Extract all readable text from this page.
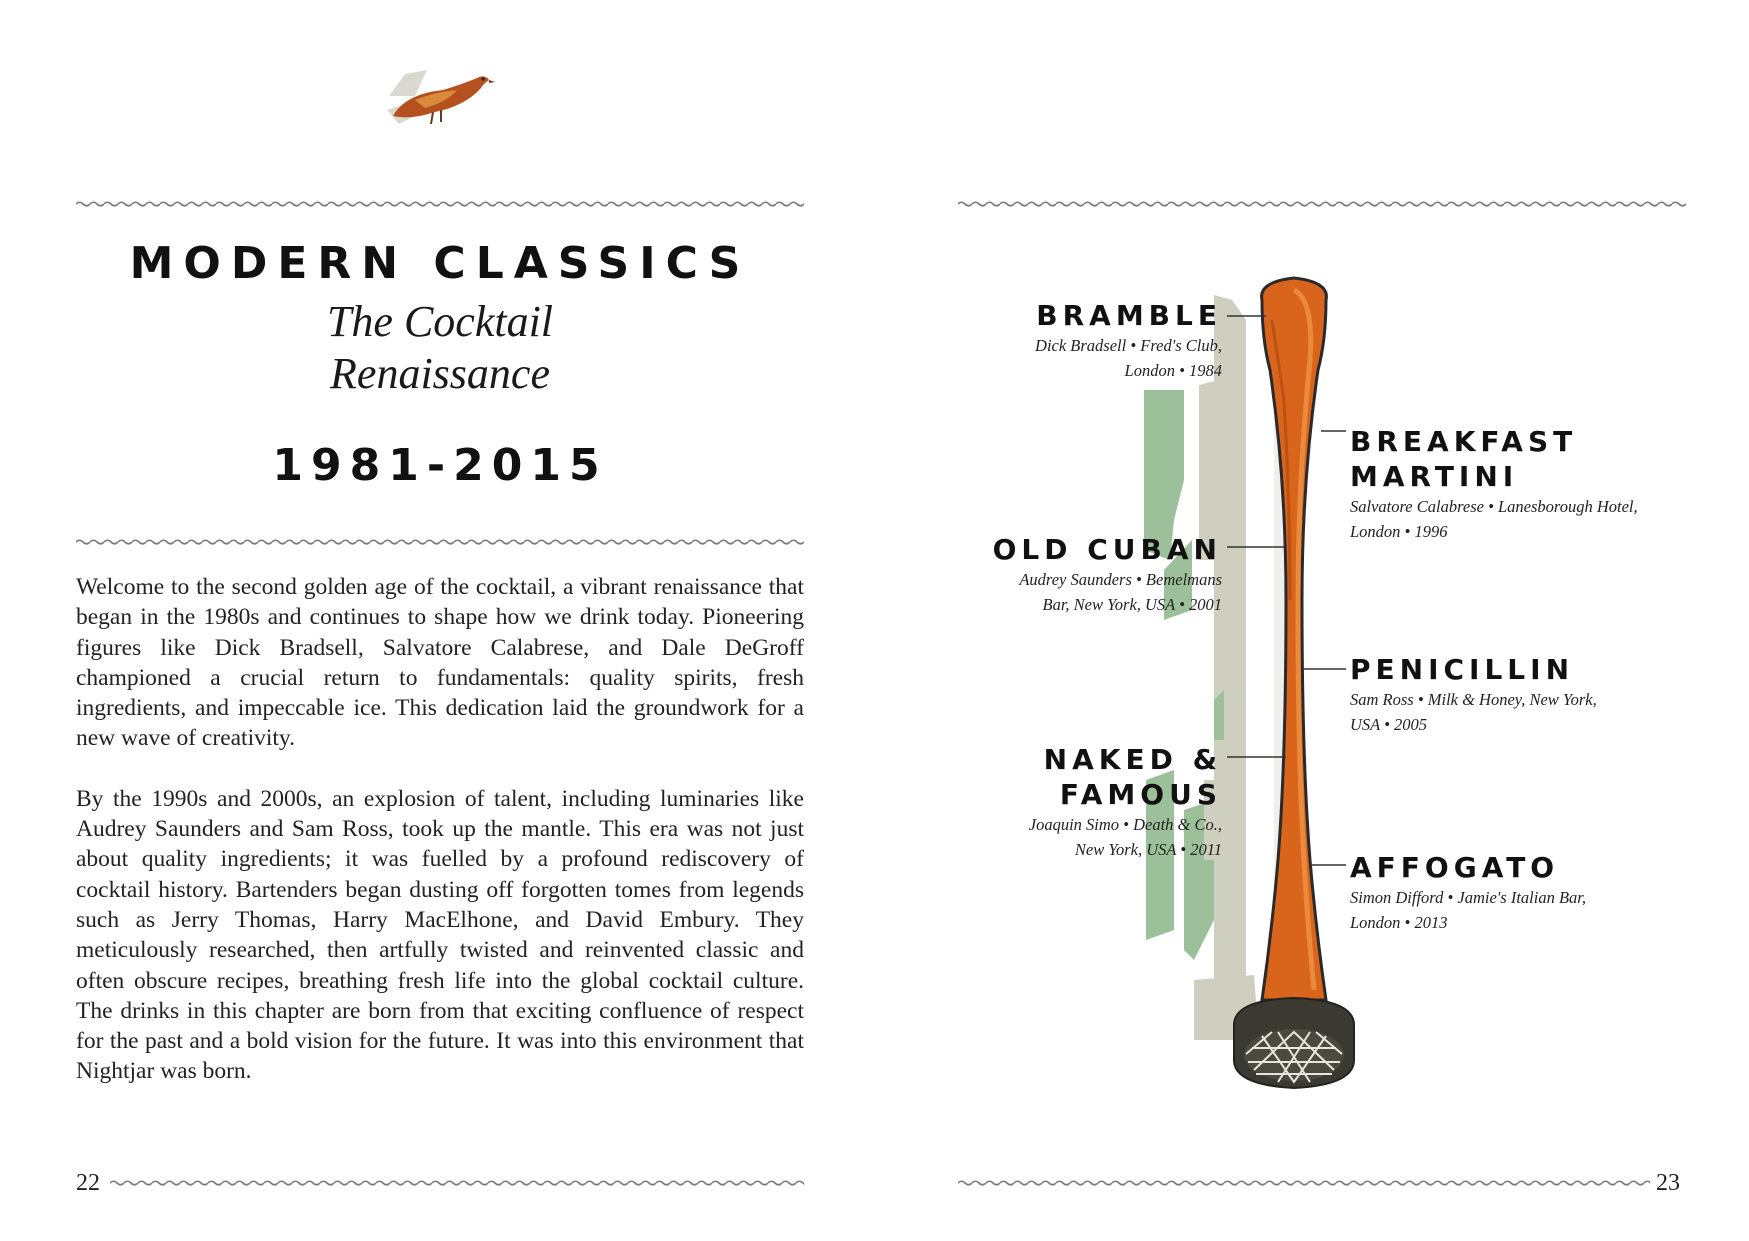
MODERN CLASSICS
The Cocktail
Renaissance
1981-2015

Welcome to the second golden age of the cocktail, a vibrant renaissance that began in the 1980s and continues to shape how we drink today. Pioneering figures like Dick Bradsell, Salvatore Calabrese, and Dale DeGroff championed a crucial return to fundamentals: quality spirits, fresh ingredients, and impeccable ice. This dedication laid the groundwork for a new wave of creativity.

By the 1990s and 2000s, an explosion of talent, including luminaries like Audrey Saunders and Sam Ross, took up the mantle. This era was not just about quality ingredients; it was fuelled by a profound rediscovery of cocktail history. Bartenders began dusting off forgotten tomes from legends such as Jerry Thomas, Harry MacElhone, and David Embury. They meticulously researched, then artfully twisted and reinvented classic and often obscure recipes, breathing fresh life into the global cocktail culture. The drinks in this chapter are born from that exciting confluence of respect for the past and a bold vision for the future. It was into this environment that Nightjar was born.

22
BRAMBLE
Dick Bradsell • Fred's Club,
London • 1984
BREAKFAST
MARTINI
Salvatore Calabrese • Lanesborough Hotel,
London • 1996
OLD CUBAN
Audrey Saunders • Bemelmans
Bar, New York, USA • 2001
PENICILLIN
Sam Ross • Milk & Honey, New York,
USA • 2005
NAKED &
FAMOUS
Joaquin Simo • Death & Co.,
New York, USA • 2011
AFFOGATO
Simon Difford • Jamie's Italian Bar,
London • 2013
23
